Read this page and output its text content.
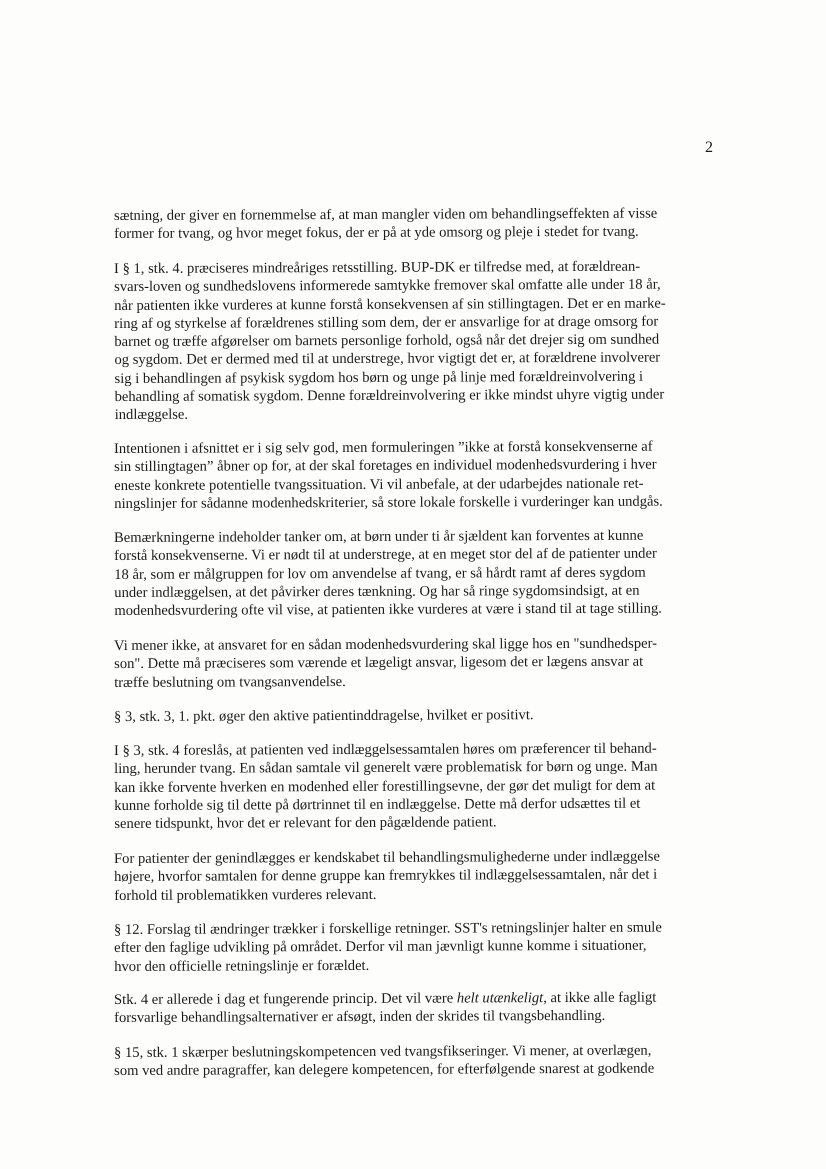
2

sætning, der giver en fornemmelse af, at man mangler viden om behandlingseffekten af visse
former for tvang, og hvor meget fokus, der er på at yde omsorg og pleje i stedet for tvang.

I § 1, stk. 4. præciseres mindreåriges retsstilling. BUP-DK er tilfredse med, at forældrean-
svars-loven og sundhedslovens informerede samtykke fremover skal omfatte alle under 18 år,
når patienten ikke vurderes at kunne forstå konsekvensen af sin stillingtagen. Det er en marke-
ring af og styrkelse af forældrenes stilling som dem, der er ansvarlige for at drage omsorg for
barnet og træffe afgørelser om barnets personlige forhold, også når det drejer sig om sundhed
og sygdom. Det er dermed med til at understrege, hvor vigtigt det er, at forældrene involverer
sig i behandlingen af psykisk sygdom hos børn og unge på linje med forældreinvolvering i
behandling af somatisk sygdom. Denne forældreinvolvering er ikke mindst uhyre vigtig under
indlæggelse.

Intentionen i afsnittet er i sig selv god, men formuleringen ”ikke at forstå konsekvenserne af
sin stillingtagen” åbner op for, at der skal foretages en individuel modenhedsvurdering i hver
eneste konkrete potentielle tvangssituation. Vi vil anbefale, at der udarbejdes nationale ret-
ningslinjer for sådanne modenhedskriterier, så store lokale forskelle i vurderinger kan undgås.

Bemærkningerne indeholder tanker om, at børn under ti år sjældent kan forventes at kunne
forstå konsekvenserne. Vi er nødt til at understrege, at en meget stor del af de patienter under
18 år, som er målgruppen for lov om anvendelse af tvang, er så hårdt ramt af deres sygdom
under indlæggelsen, at det påvirker deres tænkning. Og har så ringe sygdomsindsigt, at en
modenhedsvurdering ofte vil vise, at patienten ikke vurderes at være i stand til at tage stilling.

Vi mener ikke, at ansvaret for en sådan modenhedsvurdering skal ligge hos en "sundhedsper-
son". Dette må præciseres som værende et lægeligt ansvar, ligesom det er lægens ansvar at
træffe beslutning om tvangsanvendelse.

§ 3, stk. 3, 1. pkt. øger den aktive patientinddragelse, hvilket er positivt.

I § 3, stk. 4 foreslås, at patienten ved indlæggelsessamtalen høres om præferencer til behand-
ling, herunder tvang. En sådan samtale vil generelt være problematisk for børn og unge. Man
kan ikke forvente hverken en modenhed eller forestillingsevne, der gør det muligt for dem at
kunne forholde sig til dette på dørtrinnet til en indlæggelse. Dette må derfor udsættes til et
senere tidspunkt, hvor det er relevant for den pågældende patient.

For patienter der genindlægges er kendskabet til behandlingsmulighederne under indlæggelse
højere, hvorfor samtalen for denne gruppe kan fremrykkes til indlæggelsessamtalen, når det i
forhold til problematikken vurderes relevant.

§ 12. Forslag til ændringer trækker i forskellige retninger. SST's retningslinjer halter en smule
efter den faglige udvikling på området. Derfor vil man jævnligt kunne komme i situationer,
hvor den officielle retningslinje er forældet.

Stk. 4 er allerede i dag et fungerende princip. Det vil være helt utænkeligt, at ikke alle fagligt
forsvarlige behandlingsalternativer er afsøgt, inden der skrides til tvangsbehandling.

§ 15, stk. 1 skærper beslutningskompetencen ved tvangsfikseringer. Vi mener, at overlægen,
som ved andre paragraffer, kan delegere kompetencen, for efterfølgende snarest at godkende
